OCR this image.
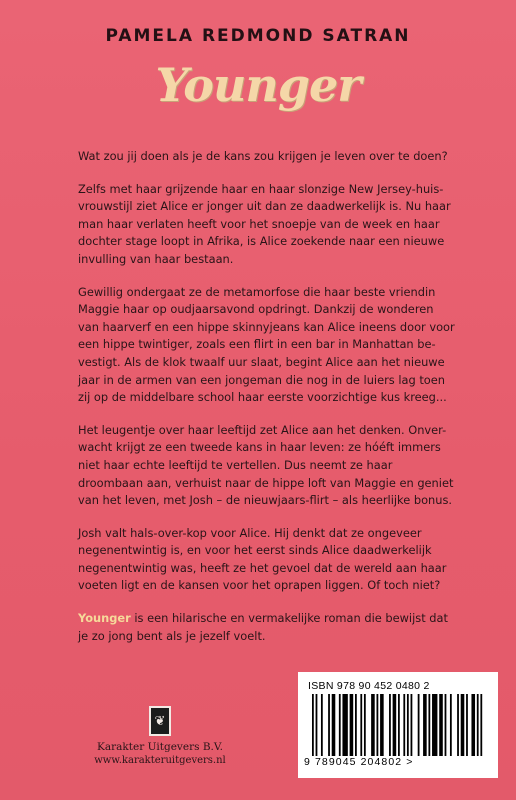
PAMELA REDMOND SATRAN
Younger

Wat zou jij doen als je de kans zou krijgen je leven over te doen?

Zelfs met haar grijzende haar en haar slonzige New Jersey-huis-vrouwstijl ziet Alice er jonger uit dan ze daadwerkelijk is. Nu haar man haar verlaten heeft voor het snoepje van de week en haar dochter stage loopt in Afrika, is Alice zoekende naar een nieuwe invulling van haar bestaan.

Gewillig ondergaat ze de metamorfose die haar beste vriendin Maggie haar op oudjaarsavond opdringt. Dankzij de wonderen van haarverf en een hippe skinnyjeans kan Alice ineens door voor een hippe twintiger, zoals een flirt in een bar in Manhattan be-vestigt. Als de klok twaalf uur slaat, begint Alice aan het nieuwe jaar in de armen van een jongeman die nog in de luiers lag toen zij op de middelbare school haar eerste voorzichtige kus kreeg...

Het leugentje over haar leeftijd zet Alice aan het denken. Onver-wacht krijgt ze een tweede kans in haar leven: ze hóéft immers niet haar echte leeftijd te vertellen. Dus neemt ze haar droombaan aan, verhuist naar de hippe loft van Maggie en geniet van het leven, met Josh – de nieuwjaars-flirt – als heerlijke bonus.

Josh valt hals-over-kop voor Alice. Hij denkt dat ze ongeveer negenentwintig is, en voor het eerst sinds Alice daadwerkelijk negenentwintig was, heeft ze het gevoel dat de wereld aan haar voeten ligt en de kansen voor het oprapen liggen. Of toch niet?

Younger is een hilarische en vermakelijke roman die bewijst dat je zo jong bent als je jezelf voelt.

❦
Karakter Uitgevers B.V.
www.karakteruitgevers.nl
ISBN 978 90 452 0480 2
9 789045 204802 >
